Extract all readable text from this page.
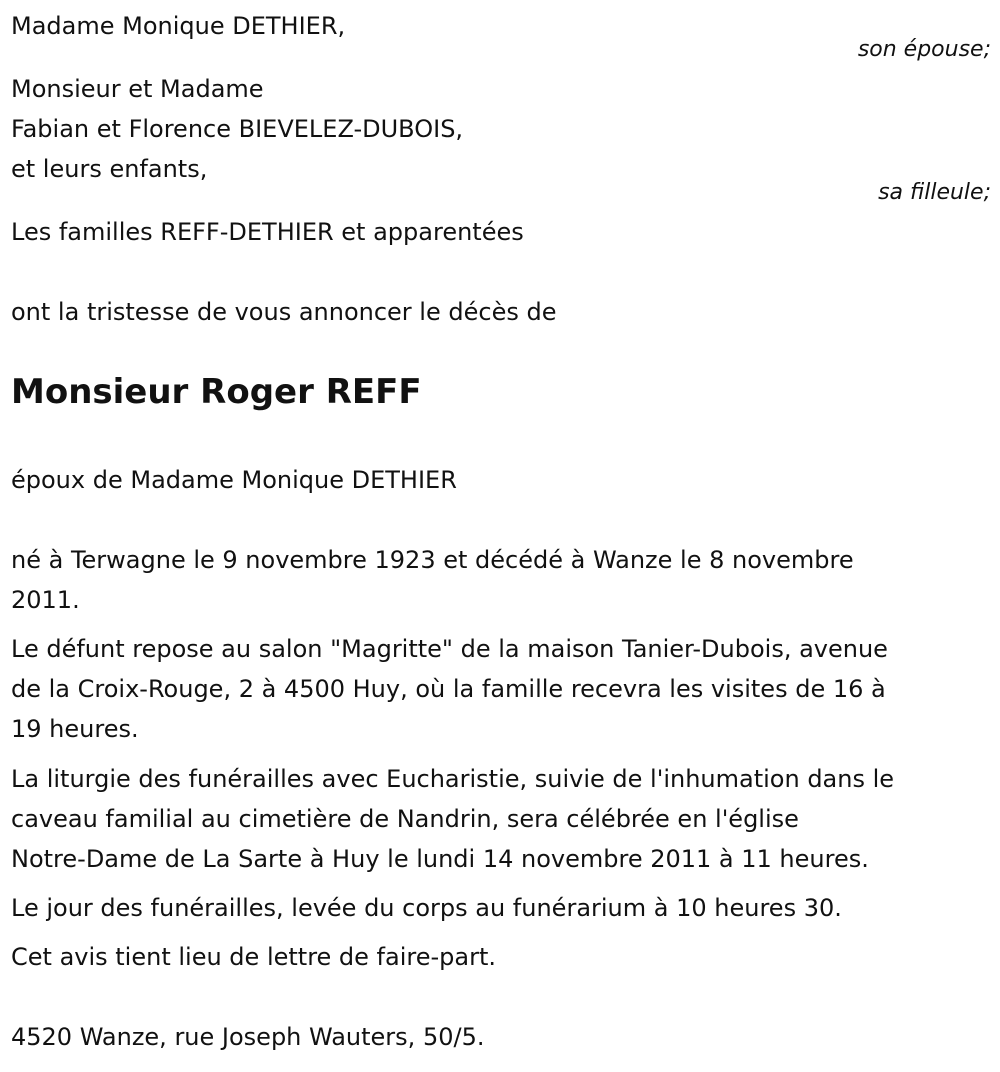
Madame Monique DETHIER,

son épouse;

Monsieur et Madame

Fabian et Florence BIEVELEZ-DUBOIS,

et leurs enfants,

sa filleule;

Les familles REFF-DETHIER et apparentées

ont la tristesse de vous annoncer le décès de

Monsieur Roger REFF

époux de Madame Monique DETHIER

né à Terwagne le 9 novembre 1923 et décédé à Wanze le 8 novembre

2011.

Le défunt repose au salon "Magritte" de la maison Tanier-Dubois, avenue

de la Croix-Rouge, 2 à 4500 Huy, où la famille recevra les visites de 16 à

19 heures.

La liturgie des funérailles avec Eucharistie, suivie de l'inhumation dans le

caveau familial au cimetière de Nandrin, sera célébrée en l'église

Notre-Dame de La Sarte à Huy le lundi 14 novembre 2011 à 11 heures.

Le jour des funérailles, levée du corps au funérarium à 10 heures 30.

Cet avis tient lieu de lettre de faire-part.

4520 Wanze, rue Joseph Wauters, 50/5.
